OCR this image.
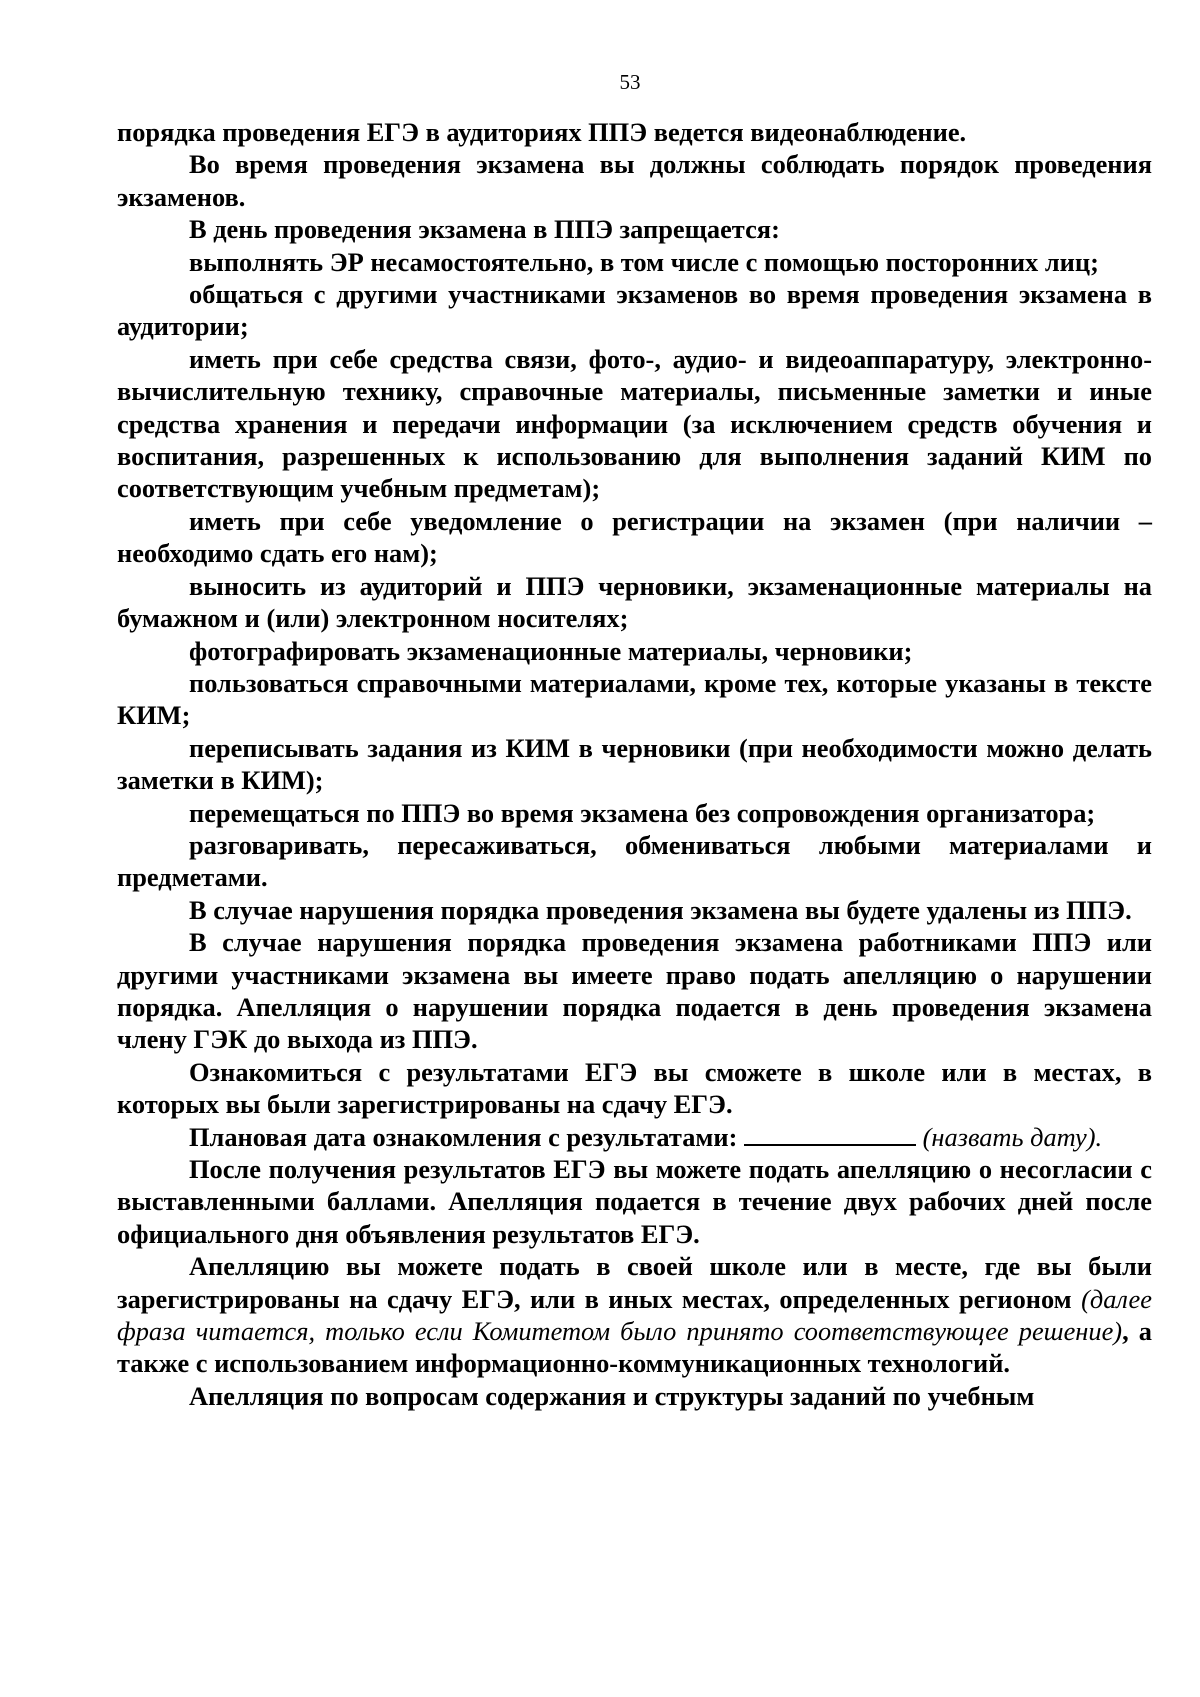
53

порядка проведения ЕГЭ в аудиториях ППЭ ведется видеонаблюдение.

Во время проведения экзамена вы должны соблюдать порядок проведения экзаменов.

В день проведения экзамена в ППЭ запрещается:

выполнять ЭР несамостоятельно, в том числе с помощью посторонних лиц;

общаться с другими участниками экзаменов во время проведения экзамена в аудитории;

иметь при себе средства связи, фото-, аудио- и видеоаппаратуру, электронно-вычислительную технику, справочные материалы, письменные заметки и иные средства хранения и передачи информации (за исключением средств обучения и воспитания, разрешенных к использованию для выполнения заданий КИМ по соответствующим учебным предметам);

иметь при себе уведомление о регистрации на экзамен (при наличии – необходимо сдать его нам);

выносить из аудиторий и ППЭ черновики, экзаменационные материалы на бумажном и (или) электронном носителях;

фотографировать экзаменационные материалы, черновики;

пользоваться справочными материалами, кроме тех, которые указаны в тексте КИМ;

переписывать задания из КИМ в черновики (при необходимости можно делать заметки в КИМ);

перемещаться по ППЭ во время экзамена без сопровождения организатора;

разговаривать, пересаживаться, обмениваться любыми материалами и предметами.

В случае нарушения порядка проведения экзамена вы будете удалены из ППЭ.

В случае нарушения порядка проведения экзамена работниками ППЭ или другими участниками экзамена вы имеете право подать апелляцию о нарушении порядка. Апелляция о нарушении порядка подается в день проведения экзамена члену ГЭК до выхода из ППЭ.

Ознакомиться с результатами ЕГЭ вы сможете в школе или в местах, в которых вы были зарегистрированы на сдачу ЕГЭ.

Плановая дата ознакомления с результатами:	(назвать дату).

После получения результатов ЕГЭ вы можете подать апелляцию о несогласии с выставленными баллами. Апелляция подается в течение двух рабочих дней после официального дня объявления результатов ЕГЭ.

Апелляцию вы можете подать в своей школе или в месте, где вы были зарегистрированы на сдачу ЕГЭ, или в иных местах, определенных регионом (далее фраза читается, только если Комитетом было принято соответствующее решение), а также с использованием информационно-коммуникационных технологий.

Апелляция по вопросам содержания и структуры заданий по учебным
